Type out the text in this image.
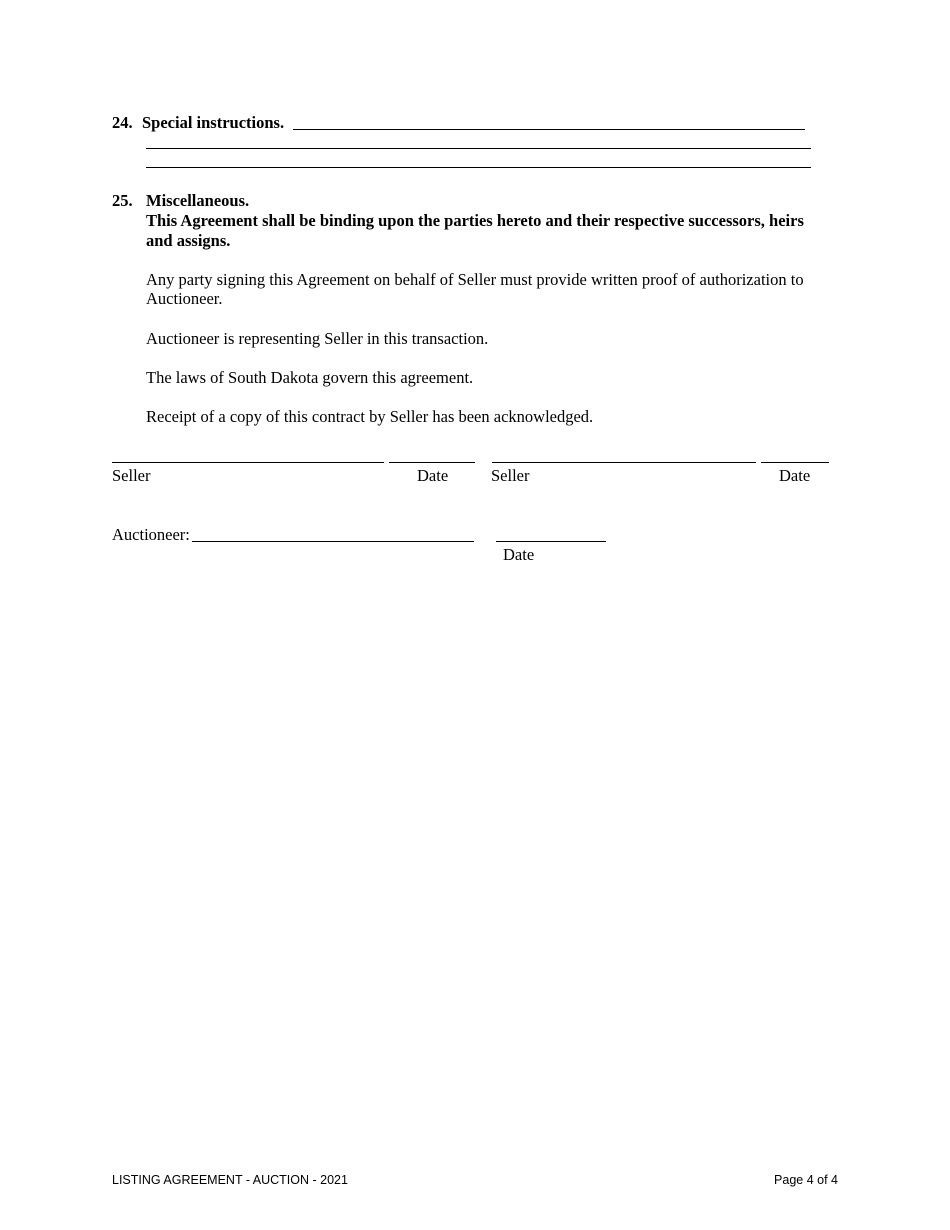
24. Special instructions.
25. Miscellaneous.
This Agreement shall be binding upon the parties hereto and their respective successors, heirs
and assigns.
Any party signing this Agreement on behalf of Seller must provide written proof of authorization to
Auctioneer.
Auctioneer is representing Seller in this transaction.
The laws of South Dakota govern this agreement.
Receipt of a copy of this contract by Seller has been acknowledged.
Seller	Date	Seller	Date
Auctioneer:
Date
LISTING AGREEMENT - AUCTION - 2021	Page 4 of 4
